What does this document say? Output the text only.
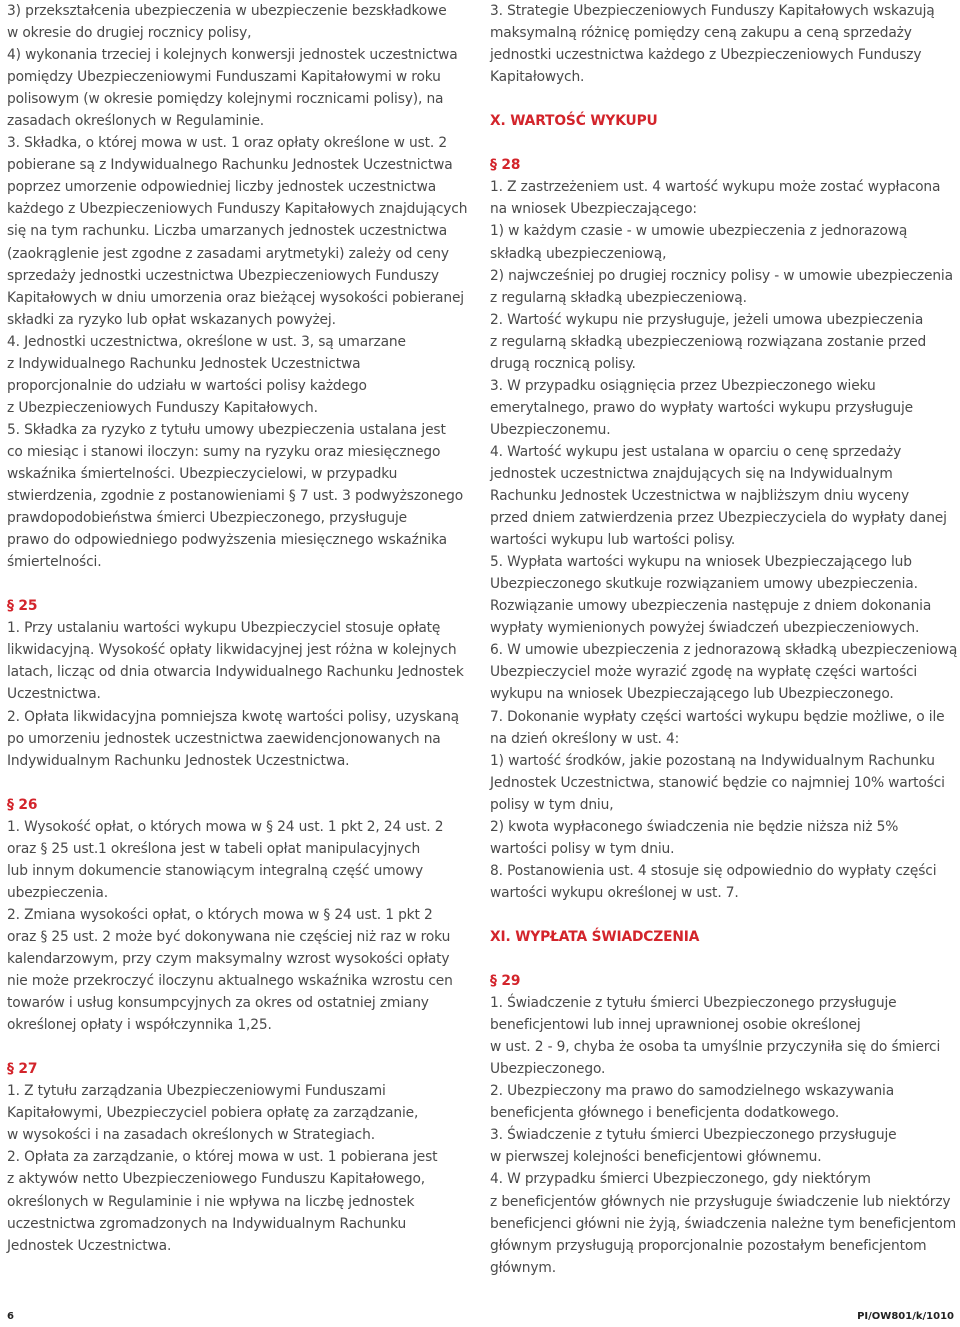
3) przekształcenia ubezpieczenia w ubezpieczenie bezskładkowe
w okresie do drugiej rocznicy polisy,
4) wykonania trzeciej i kolejnych konwersji jednostek uczestnictwa
pomiędzy Ubezpieczeniowymi Funduszami Kapitałowymi w roku
polisowym (w okresie pomiędzy kolejnymi rocznicami polisy), na
zasadach określonych w Regulaminie.
3. Składka, o której mowa w ust. 1 oraz opłaty określone w ust. 2
pobierane są z Indywidualnego Rachunku Jednostek Uczestnictwa
poprzez umorzenie odpowiedniej liczby jednostek uczestnictwa
każdego z Ubezpieczeniowych Funduszy Kapitałowych znajdujących
się na tym rachunku. Liczba umarzanych jednostek uczestnictwa
(zaokrąglenie jest zgodne z zasadami arytmetyki) zależy od ceny
sprzedaży jednostki uczestnictwa Ubezpieczeniowych Funduszy
Kapitałowych w dniu umorzenia oraz bieżącej wysokości pobieranej
składki za ryzyko lub opłat wskazanych powyżej.
4. Jednostki uczestnictwa, określone w ust. 3, są umarzane
z Indywidualnego Rachunku Jednostek Uczestnictwa
proporcjonalnie do udziału w wartości polisy każdego
z Ubezpieczeniowych Funduszy Kapitałowych.
5. Składka za ryzyko z tytułu umowy ubezpieczenia ustalana jest
co miesiąc i stanowi iloczyn: sumy na ryzyku oraz miesięcznego
wskaźnika śmiertelności. Ubezpieczycielowi, w przypadku
stwierdzenia, zgodnie z postanowieniami § 7 ust. 3 podwyższonego
prawdopodobieństwa śmierci Ubezpieczonego, przysługuje
prawo do odpowiedniego podwyższenia miesięcznego wskaźnika
śmiertelności.
§ 25
1. Przy ustalaniu wartości wykupu Ubezpieczyciel stosuje opłatę
likwidacyjną. Wysokość opłaty likwidacyjnej jest różna w kolejnych
latach, licząc od dnia otwarcia Indywidualnego Rachunku Jednostek
Uczestnictwa.
2. Opłata likwidacyjna pomniejsza kwotę wartości polisy, uzyskaną
po umorzeniu jednostek uczestnictwa zaewidencjonowanych na
Indywidualnym Rachunku Jednostek Uczestnictwa.
§ 26
1. Wysokość opłat, o których mowa w § 24 ust. 1 pkt 2, 24 ust. 2
oraz § 25 ust.1 określona jest w tabeli opłat manipulacyjnych
lub innym dokumencie stanowiącym integralną część umowy
ubezpieczenia.
2. Zmiana wysokości opłat, o których mowa w § 24 ust. 1 pkt 2
oraz § 25 ust. 2 może być dokonywana nie częściej niż raz w roku
kalendarzowym, przy czym maksymalny wzrost wysokości opłaty
nie może przekroczyć iloczynu aktualnego wskaźnika wzrostu cen
towarów i usług konsumpcyjnych za okres od ostatniej zmiany
określonej opłaty i współczynnika 1,25.
§ 27
1. Z tytułu zarządzania Ubezpieczeniowymi Funduszami
Kapitałowymi, Ubezpieczyciel pobiera opłatę za zarządzanie,
w wysokości i na zasadach określonych w Strategiach.
2. Opłata za zarządzanie, o której mowa w ust. 1 pobierana jest
z aktywów netto Ubezpieczeniowego Funduszu Kapitałowego,
określonych w Regulaminie i nie wpływa na liczbę jednostek
uczestnictwa zgromadzonych na Indywidualnym Rachunku
Jednostek Uczestnictwa.
3. Strategie Ubezpieczeniowych Funduszy Kapitałowych wskazują
maksymalną różnicę pomiędzy ceną zakupu a ceną sprzedaży
jednostki uczestnictwa każdego z Ubezpieczeniowych Funduszy
Kapitałowych.
X. WARTOŚĆ WYKUPU
§ 28
1. Z zastrzeżeniem ust. 4 wartość wykupu może zostać wypłacona
na wniosek Ubezpieczającego:
1) w każdym czasie - w umowie ubezpieczenia z jednorazową
składką ubezpieczeniową,
2) najwcześniej po drugiej rocznicy polisy - w umowie ubezpieczenia
z regularną składką ubezpieczeniową.
2. Wartość wykupu nie przysługuje, jeżeli umowa ubezpieczenia
z regularną składką ubezpieczeniową rozwiązana zostanie przed
drugą rocznicą polisy.
3. W przypadku osiągnięcia przez Ubezpieczonego wieku
emerytalnego, prawo do wypłaty wartości wykupu przysługuje
Ubezpieczonemu.
4. Wartość wykupu jest ustalana w oparciu o cenę sprzedaży
jednostek uczestnictwa znajdujących się na Indywidualnym
Rachunku Jednostek Uczestnictwa w najbliższym dniu wyceny
przed dniem zatwierdzenia przez Ubezpieczyciela do wypłaty danej
wartości wykupu lub wartości polisy.
5. Wypłata wartości wykupu na wniosek Ubezpieczającego lub
Ubezpieczonego skutkuje rozwiązaniem umowy ubezpieczenia.
Rozwiązanie umowy ubezpieczenia następuje z dniem dokonania
wypłaty wymienionych powyżej świadczeń ubezpieczeniowych.
6. W umowie ubezpieczenia z jednorazową składką ubezpieczeniową
Ubezpieczyciel może wyrazić zgodę na wypłatę części wartości
wykupu na wniosek Ubezpieczającego lub Ubezpieczonego.
7. Dokonanie wypłaty części wartości wykupu będzie możliwe, o ile
na dzień określony w ust. 4:
1) wartość środków, jakie pozostaną na Indywidualnym Rachunku
Jednostek Uczestnictwa, stanowić będzie co najmniej 10% wartości
polisy w tym dniu,
2) kwota wypłaconego świadczenia nie będzie niższa niż 5%
wartości polisy w tym dniu.
8. Postanowienia ust. 4 stosuje się odpowiednio do wypłaty części
wartości wykupu określonej w ust. 7.
XI. WYPŁATA ŚWIADCZENIA
§ 29
1. Świadczenie z tytułu śmierci Ubezpieczonego przysługuje
beneficjentowi lub innej uprawnionej osobie określonej
w ust. 2 - 9, chyba że osoba ta umyślnie przyczyniła się do śmierci
Ubezpieczonego.
2. Ubezpieczony ma prawo do samodzielnego wskazywania
beneficjenta głównego i beneficjenta dodatkowego.
3. Świadczenie z tytułu śmierci Ubezpieczonego przysługuje
w pierwszej kolejności beneficjentowi głównemu.
4. W przypadku śmierci Ubezpieczonego, gdy niektórym
z beneficjentów głównych nie przysługuje świadczenie lub niektórzy
beneficjenci główni nie żyją, świadczenia należne tym beneficjentom
głównym przysługują proporcjonalnie pozostałym beneficjentom
głównym.
6	PI/OW801/k/1010
